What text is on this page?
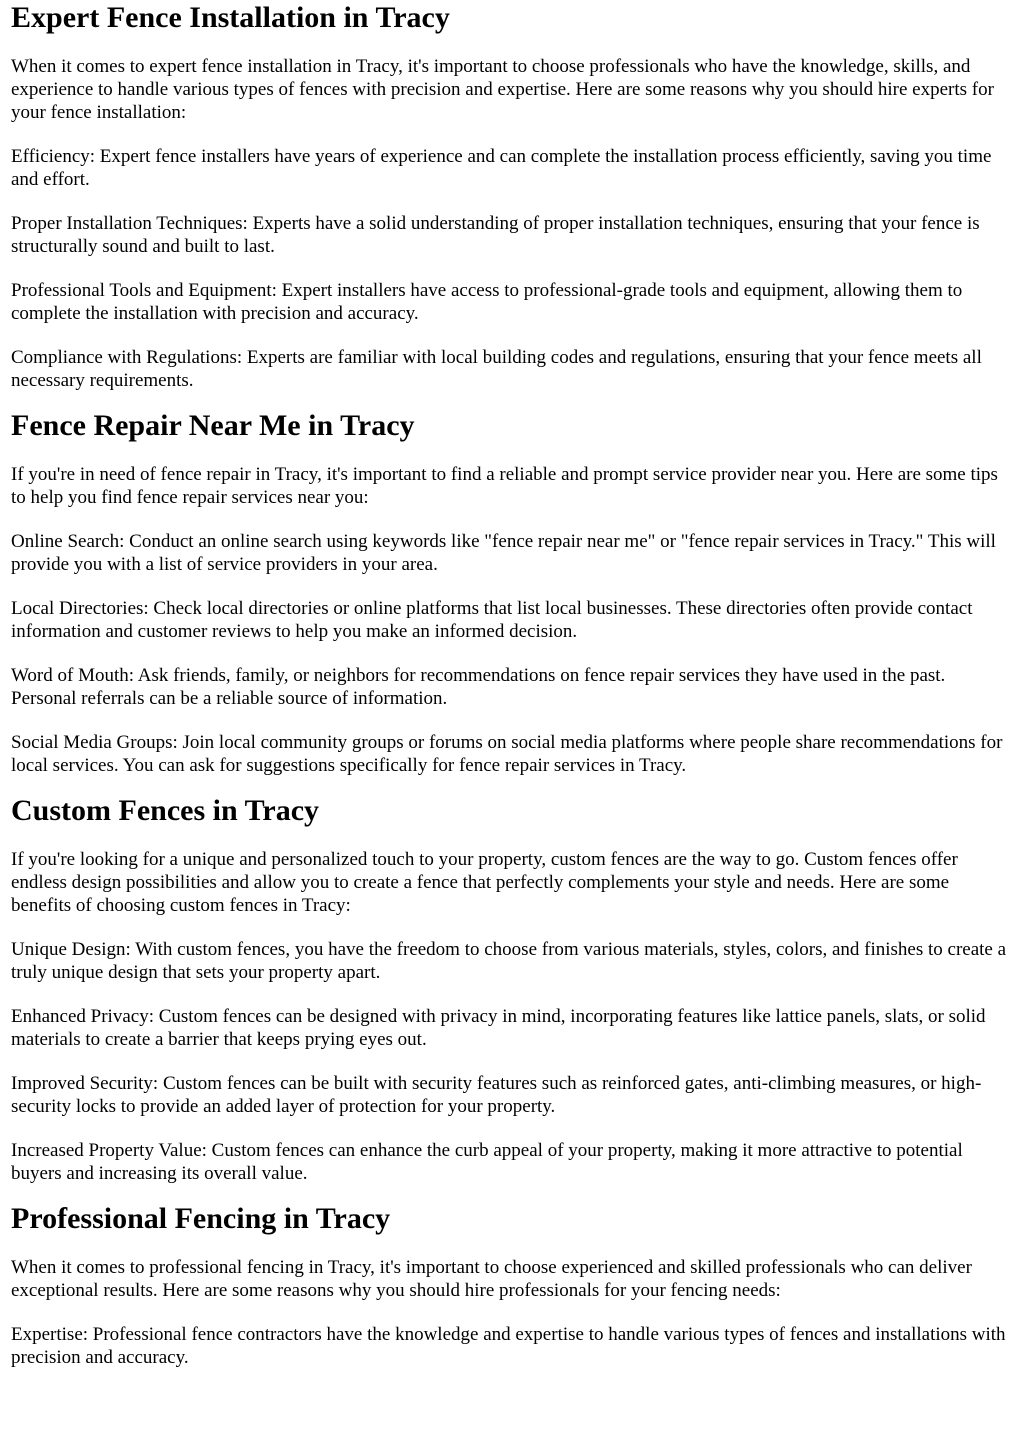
Expert Fence Installation in Tracy

When it comes to expert fence installation in Tracy, it's important to choose professionals who have the knowledge, skills, and experience to handle various types of fences with precision and expertise. Here are some reasons why you should hire experts for your fence installation:

Efficiency: Expert fence installers have years of experience and can complete the installation process efficiently, saving you time and effort.

Proper Installation Techniques: Experts have a solid understanding of proper installation techniques, ensuring that your fence is structurally sound and built to last.

Professional Tools and Equipment: Expert installers have access to professional-grade tools and equipment, allowing them to complete the installation with precision and accuracy.

Compliance with Regulations: Experts are familiar with local building codes and regulations, ensuring that your fence meets all necessary requirements.

Fence Repair Near Me in Tracy

If you're in need of fence repair in Tracy, it's important to find a reliable and prompt service provider near you. Here are some tips to help you find fence repair services near you:

Online Search: Conduct an online search using keywords like "fence repair near me" or "fence repair services in Tracy." This will provide you with a list of service providers in your area.

Local Directories: Check local directories or online platforms that list local businesses. These directories often provide contact information and customer reviews to help you make an informed decision.

Word of Mouth: Ask friends, family, or neighbors for recommendations on fence repair services they have used in the past. Personal referrals can be a reliable source of information.

Social Media Groups: Join local community groups or forums on social media platforms where people share recommendations for local services. You can ask for suggestions specifically for fence repair services in Tracy.

Custom Fences in Tracy

If you're looking for a unique and personalized touch to your property, custom fences are the way to go. Custom fences offer endless design possibilities and allow you to create a fence that perfectly complements your style and needs. Here are some benefits of choosing custom fences in Tracy:

Unique Design: With custom fences, you have the freedom to choose from various materials, styles, colors, and finishes to create a truly unique design that sets your property apart.

Enhanced Privacy: Custom fences can be designed with privacy in mind, incorporating features like lattice panels, slats, or solid materials to create a barrier that keeps prying eyes out.

Improved Security: Custom fences can be built with security features such as reinforced gates, anti-climbing measures, or high-security locks to provide an added layer of protection for your property.

Increased Property Value: Custom fences can enhance the curb appeal of your property, making it more attractive to potential buyers and increasing its overall value.

Professional Fencing in Tracy

When it comes to professional fencing in Tracy, it's important to choose experienced and skilled professionals who can deliver exceptional results. Here are some reasons why you should hire professionals for your fencing needs:

Expertise: Professional fence contractors have the knowledge and expertise to handle various types of fences and installations with precision and accuracy.
